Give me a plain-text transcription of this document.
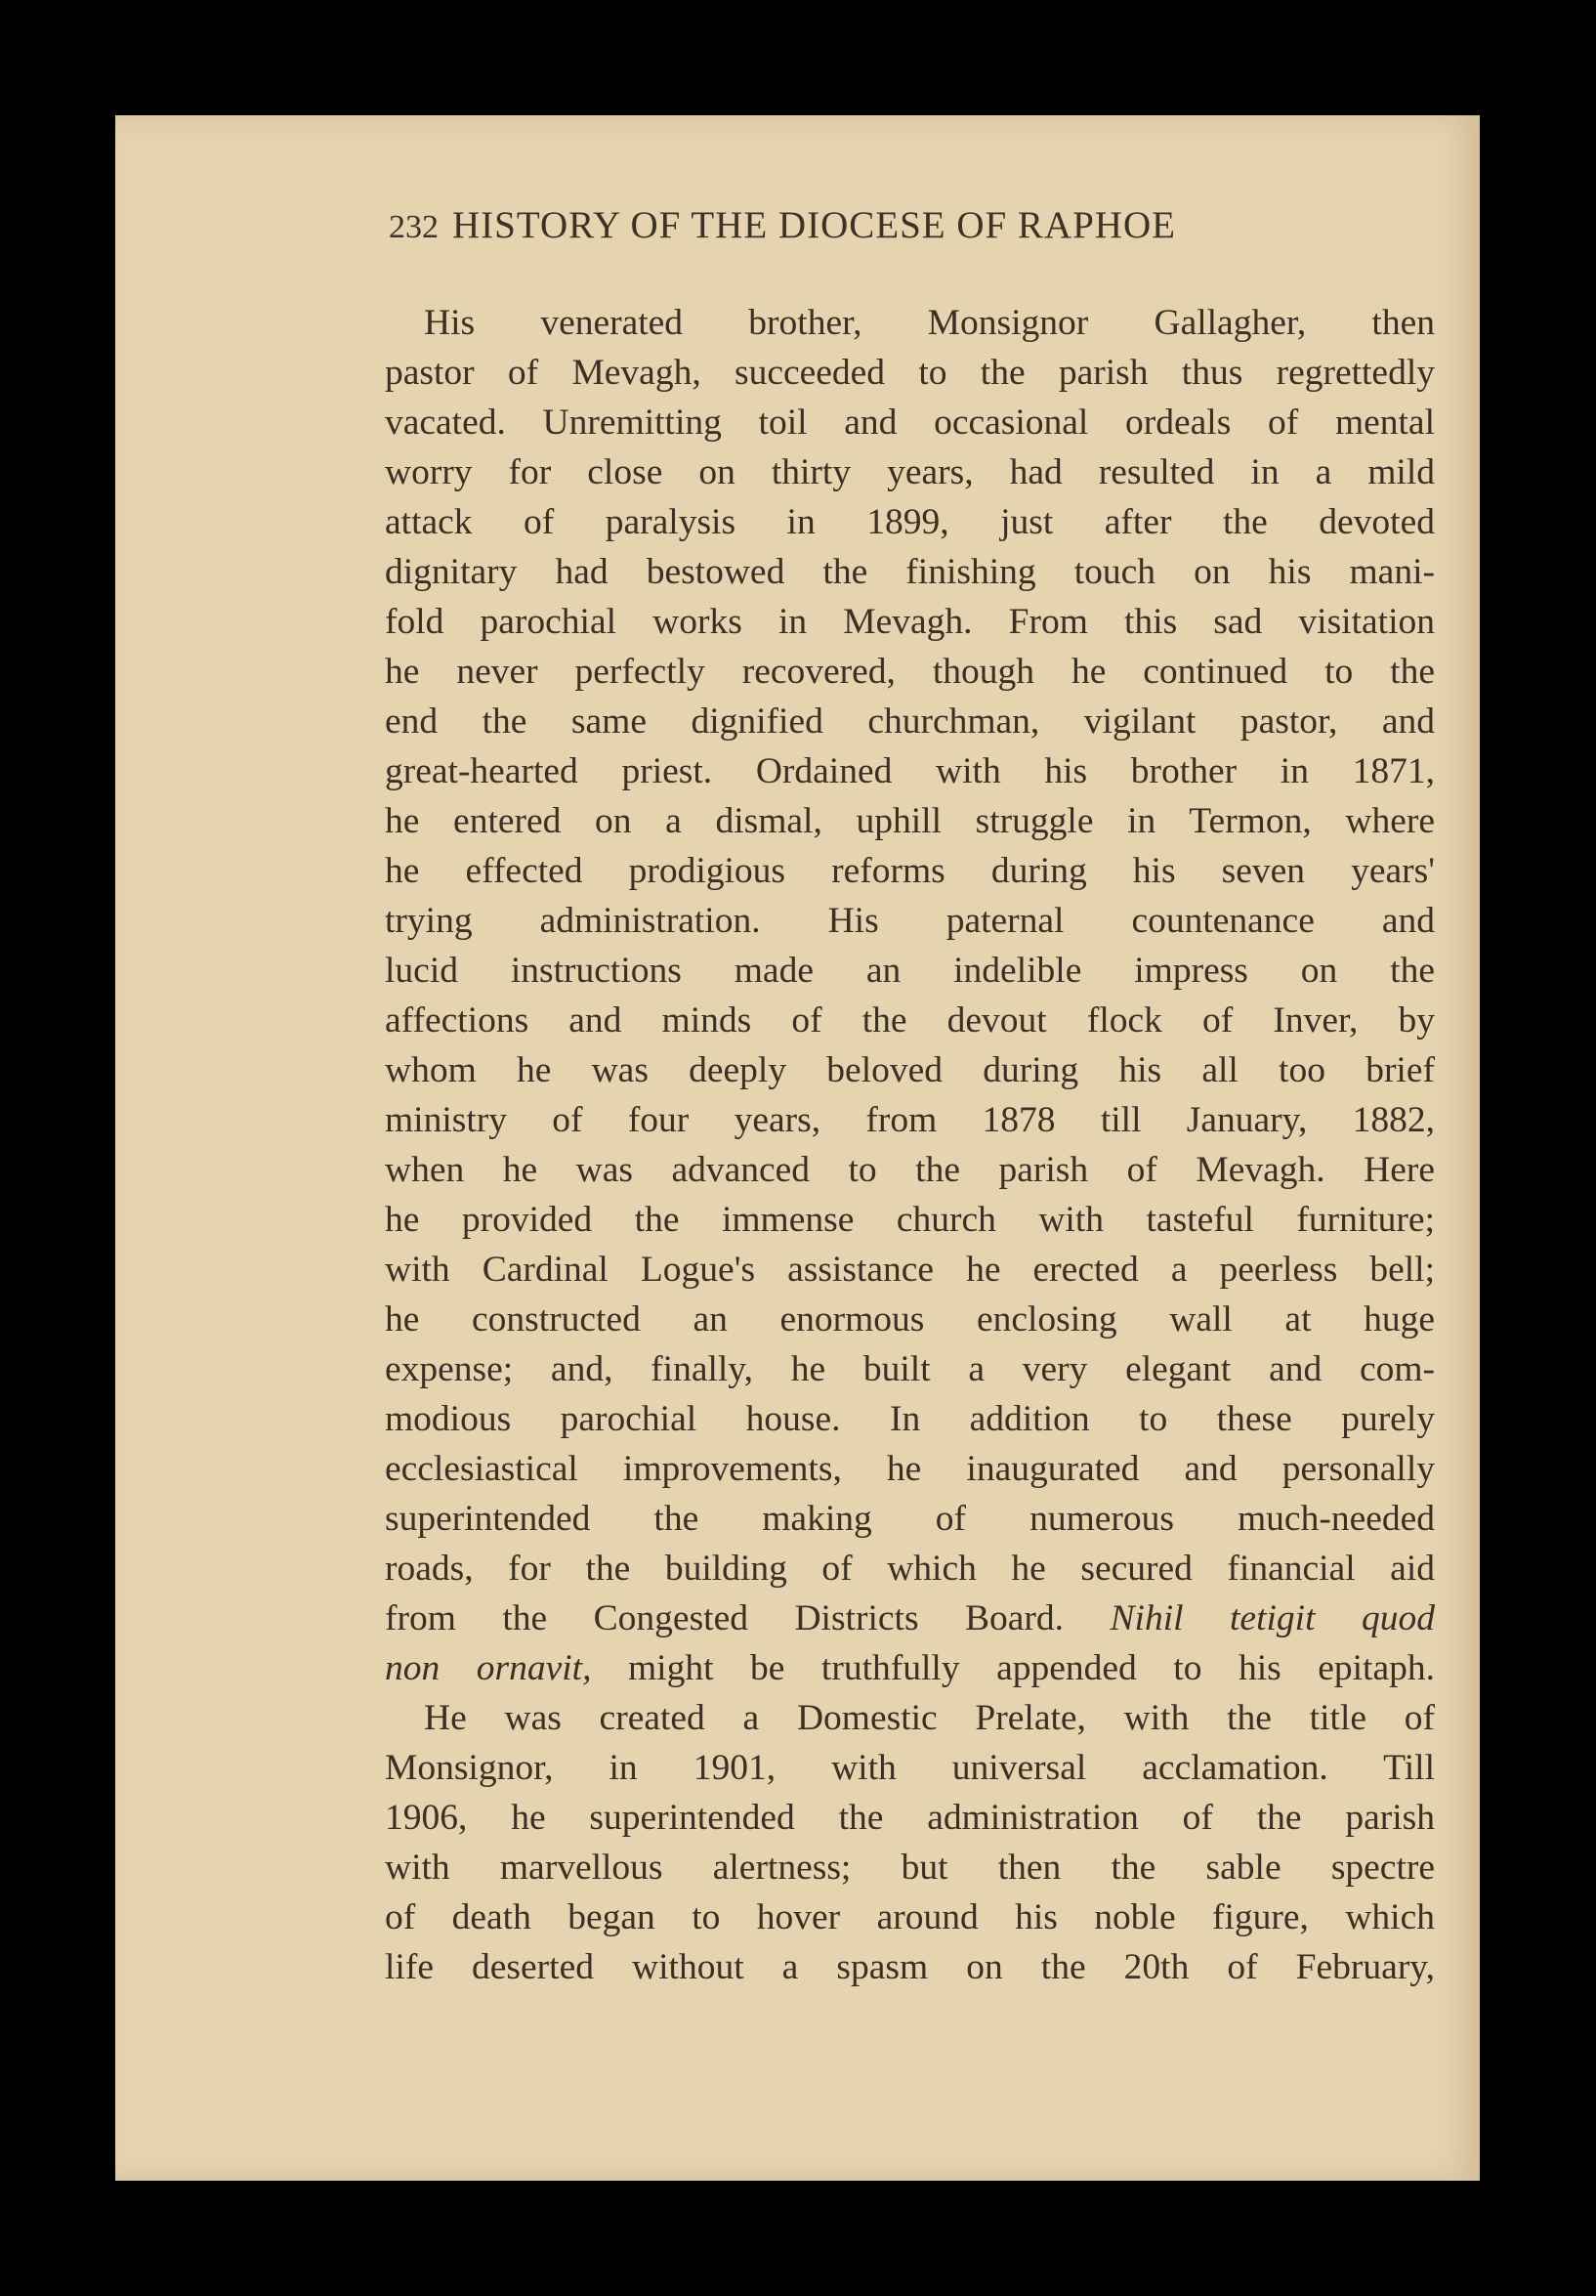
232 HISTORY OF THE DIOCESE OF RAPHOE
His venerated brother, Monsignor Gallagher, then
pastor of Mevagh, succeeded to the parish thus regrettedly
vacated. Unremitting toil and occasional ordeals of mental
worry for close on thirty years, had resulted in a mild
attack of paralysis in 1899, just after the devoted
dignitary had bestowed the finishing touch on his mani-
fold parochial works in Mevagh. From this sad visitation
he never perfectly recovered, though he continued to the
end the same dignified churchman, vigilant pastor, and
great-hearted priest. Ordained with his brother in 1871,
he entered on a dismal, uphill struggle in Termon, where
he effected prodigious reforms during his seven years'
trying administration. His paternal countenance and
lucid instructions made an indelible impress on the
affections and minds of the devout flock of Inver, by
whom he was deeply beloved during his all too brief
ministry of four years, from 1878 till January, 1882,
when he was advanced to the parish of Mevagh. Here
he provided the immense church with tasteful furniture;
with Cardinal Logue's assistance he erected a peerless bell;
he constructed an enormous enclosing wall at huge
expense; and, finally, he built a very elegant and com-
modious parochial house. In addition to these purely
ecclesiastical improvements, he inaugurated and personally
superintended the making of numerous much-needed
roads, for the building of which he secured financial aid
from the Congested Districts Board. Nihil tetigit quod
non ornavit, might be truthfully appended to his epitaph.
He was created a Domestic Prelate, with the title of
Monsignor, in 1901, with universal acclamation. Till
1906, he superintended the administration of the parish
with marvellous alertness; but then the sable spectre
of death began to hover around his noble figure, which
life deserted without a spasm on the 20th of February,
